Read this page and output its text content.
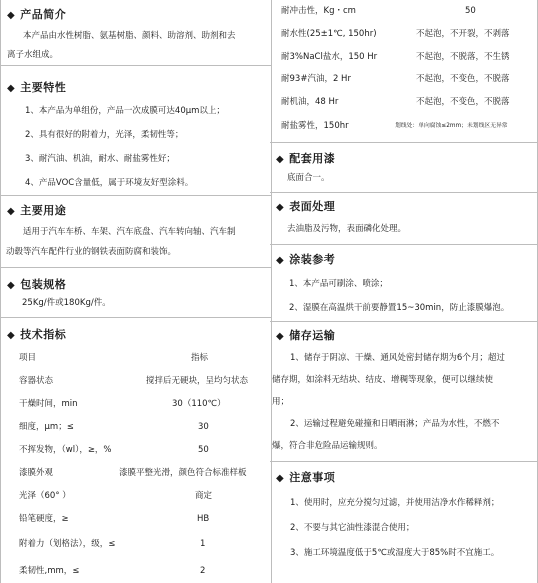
◆ 产品简介
本产品由水性树脂、氨基树脂、颜料、助溶剂、助剂和去
离子水组成。
◆ 主要特性
1、本产品为单组份，产品一次成膜可达40μm以上；
2、具有很好的附着力，光泽，柔韧性等；
3、耐汽油、机油，耐水、耐盐雾性好；
4、产品VOC含量低，属于环境友好型涂料。
◆ 主要用途
适用于汽车车桥、车架、汽车底盘、汽车转向轴、汽车制
动毂等汽车配件行业的钢铁表面防腐和装饰。
◆ 包装规格
25Kg/件或180Kg/件。
◆ 技术指标
项目	指标
容器状态	搅拌后无硬块，呈均匀状态
干燥时间，min	30（110℃）
细度，μm；≤	30
不挥发物，（wl），≥，%	50
漆膜外观	漆膜平整光滑，颜色符合标准样板
光泽（60° ）	商定
铅笔硬度，≥	HB
附着力（划格法），级，≤	1
柔韧性,mm，≤	2
耐冲击性，Kg・cm	50
耐水性(25±1℃, 150hr)	不起泡，不开裂，不剥落
耐3%NaCl盐水，150 Hr	不起泡，不脱落，不生锈
耐93#汽油，2 Hr	不起泡，不变色，不脱落
耐机油，48 Hr	不起泡，不变色，不脱落
耐盐雾性，150hr	划线处：单向腐蚀≤2mm；未划线区无异常
◆ 配套用漆
底面合一。
◆ 表面处理
去油脂及污物，表面磷化处理。
◆ 涂装参考
1、本产品可刷涂、喷涂；
2、湿膜在高温烘干前要静置15~30min，防止漆膜爆泡。
◆ 储存运输
1、储存于阴凉、干燥、通风处密封储存期为6个月；超过
储存期，如涂料无结块、结皮、增稠等现象，便可以继续使
用；
2、运输过程避免碰撞和日晒雨淋；产品为水性，不燃不
爆，符合非危险品运输规则。
◆ 注意事项
1、使用时，应充分搅匀过滤，并使用洁净水作稀释剂；
2、不要与其它油性漆混合使用；
3、施工环境温度低于5℃或湿度大于85%时不宜施工。
